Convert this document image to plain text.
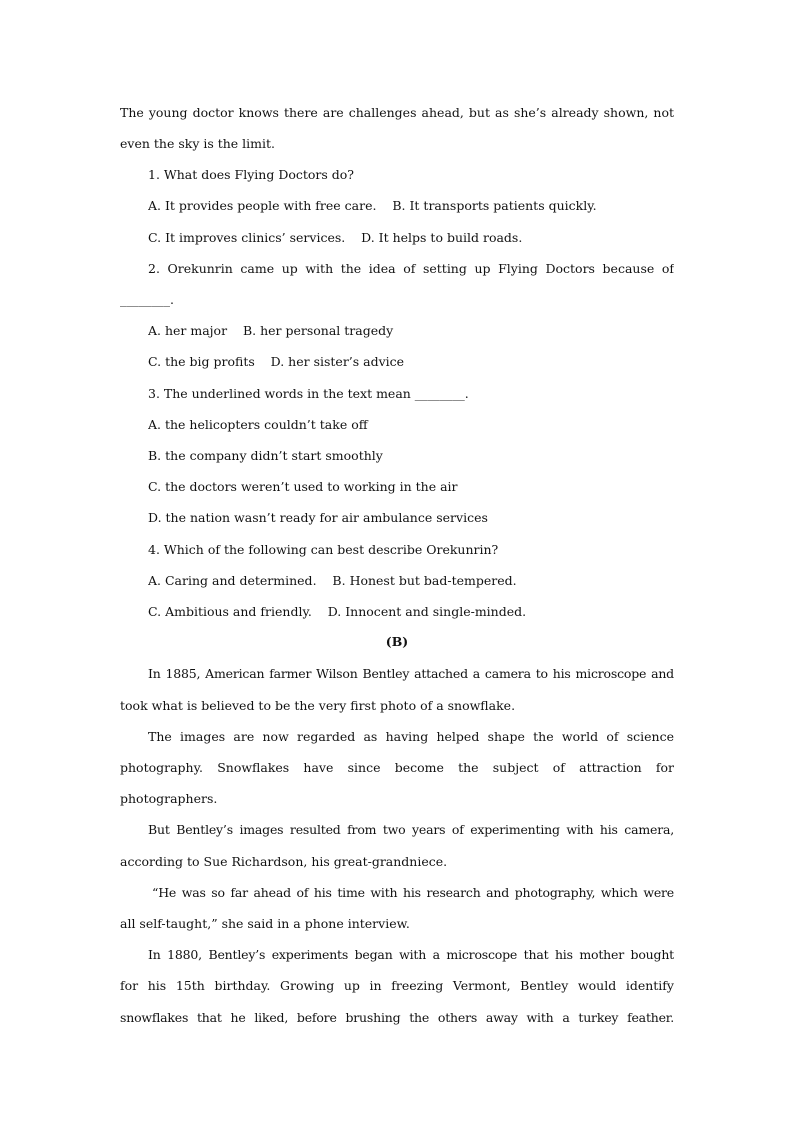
The young doctor knows there are challenges ahead, but as she’s already shown, not
even the sky is the limit.
1. What does Flying Doctors do?
A. It provides people with free care.    B. It transports patients quickly.
C. It improves clinics’ services.    D. It helps to build roads.
2. Orekunrin came up with the idea of setting up Flying Doctors because of
________.
A. her major    B. her personal tragedy
C. the big profits    D. her sister’s advice
3. The underlined words in the text mean ________.
A. the helicopters couldn’t take off
B. the company didn’t start smoothly
C. the doctors weren’t used to working in the air
D. the nation wasn’t ready for air ambulance services
4. Which of the following can best describe Orekunrin?
A. Caring and determined.    B. Honest but bad-tempered.
C. Ambitious and friendly.    D. Innocent and single-minded.
(B)
In 1885, American farmer Wilson Bentley attached a camera to his microscope and
took what is believed to be the very first photo of a snowflake.
The images are now regarded as having helped shape the world of science
photography. Snowflakes have since become the subject of attraction for
photographers.
But Bentley’s images resulted from two years of experimenting with his camera,
according to Sue Richardson, his great-grandniece.
“He was so far ahead of his time with his research and photography, which were
all self-taught,” she said in a phone interview.
In 1880, Bentley’s experiments began with a microscope that his mother bought
for his 15th birthday. Growing up in freezing Vermont, Bentley would identify
snowflakes that he liked, before brushing the others away with a turkey feather.
